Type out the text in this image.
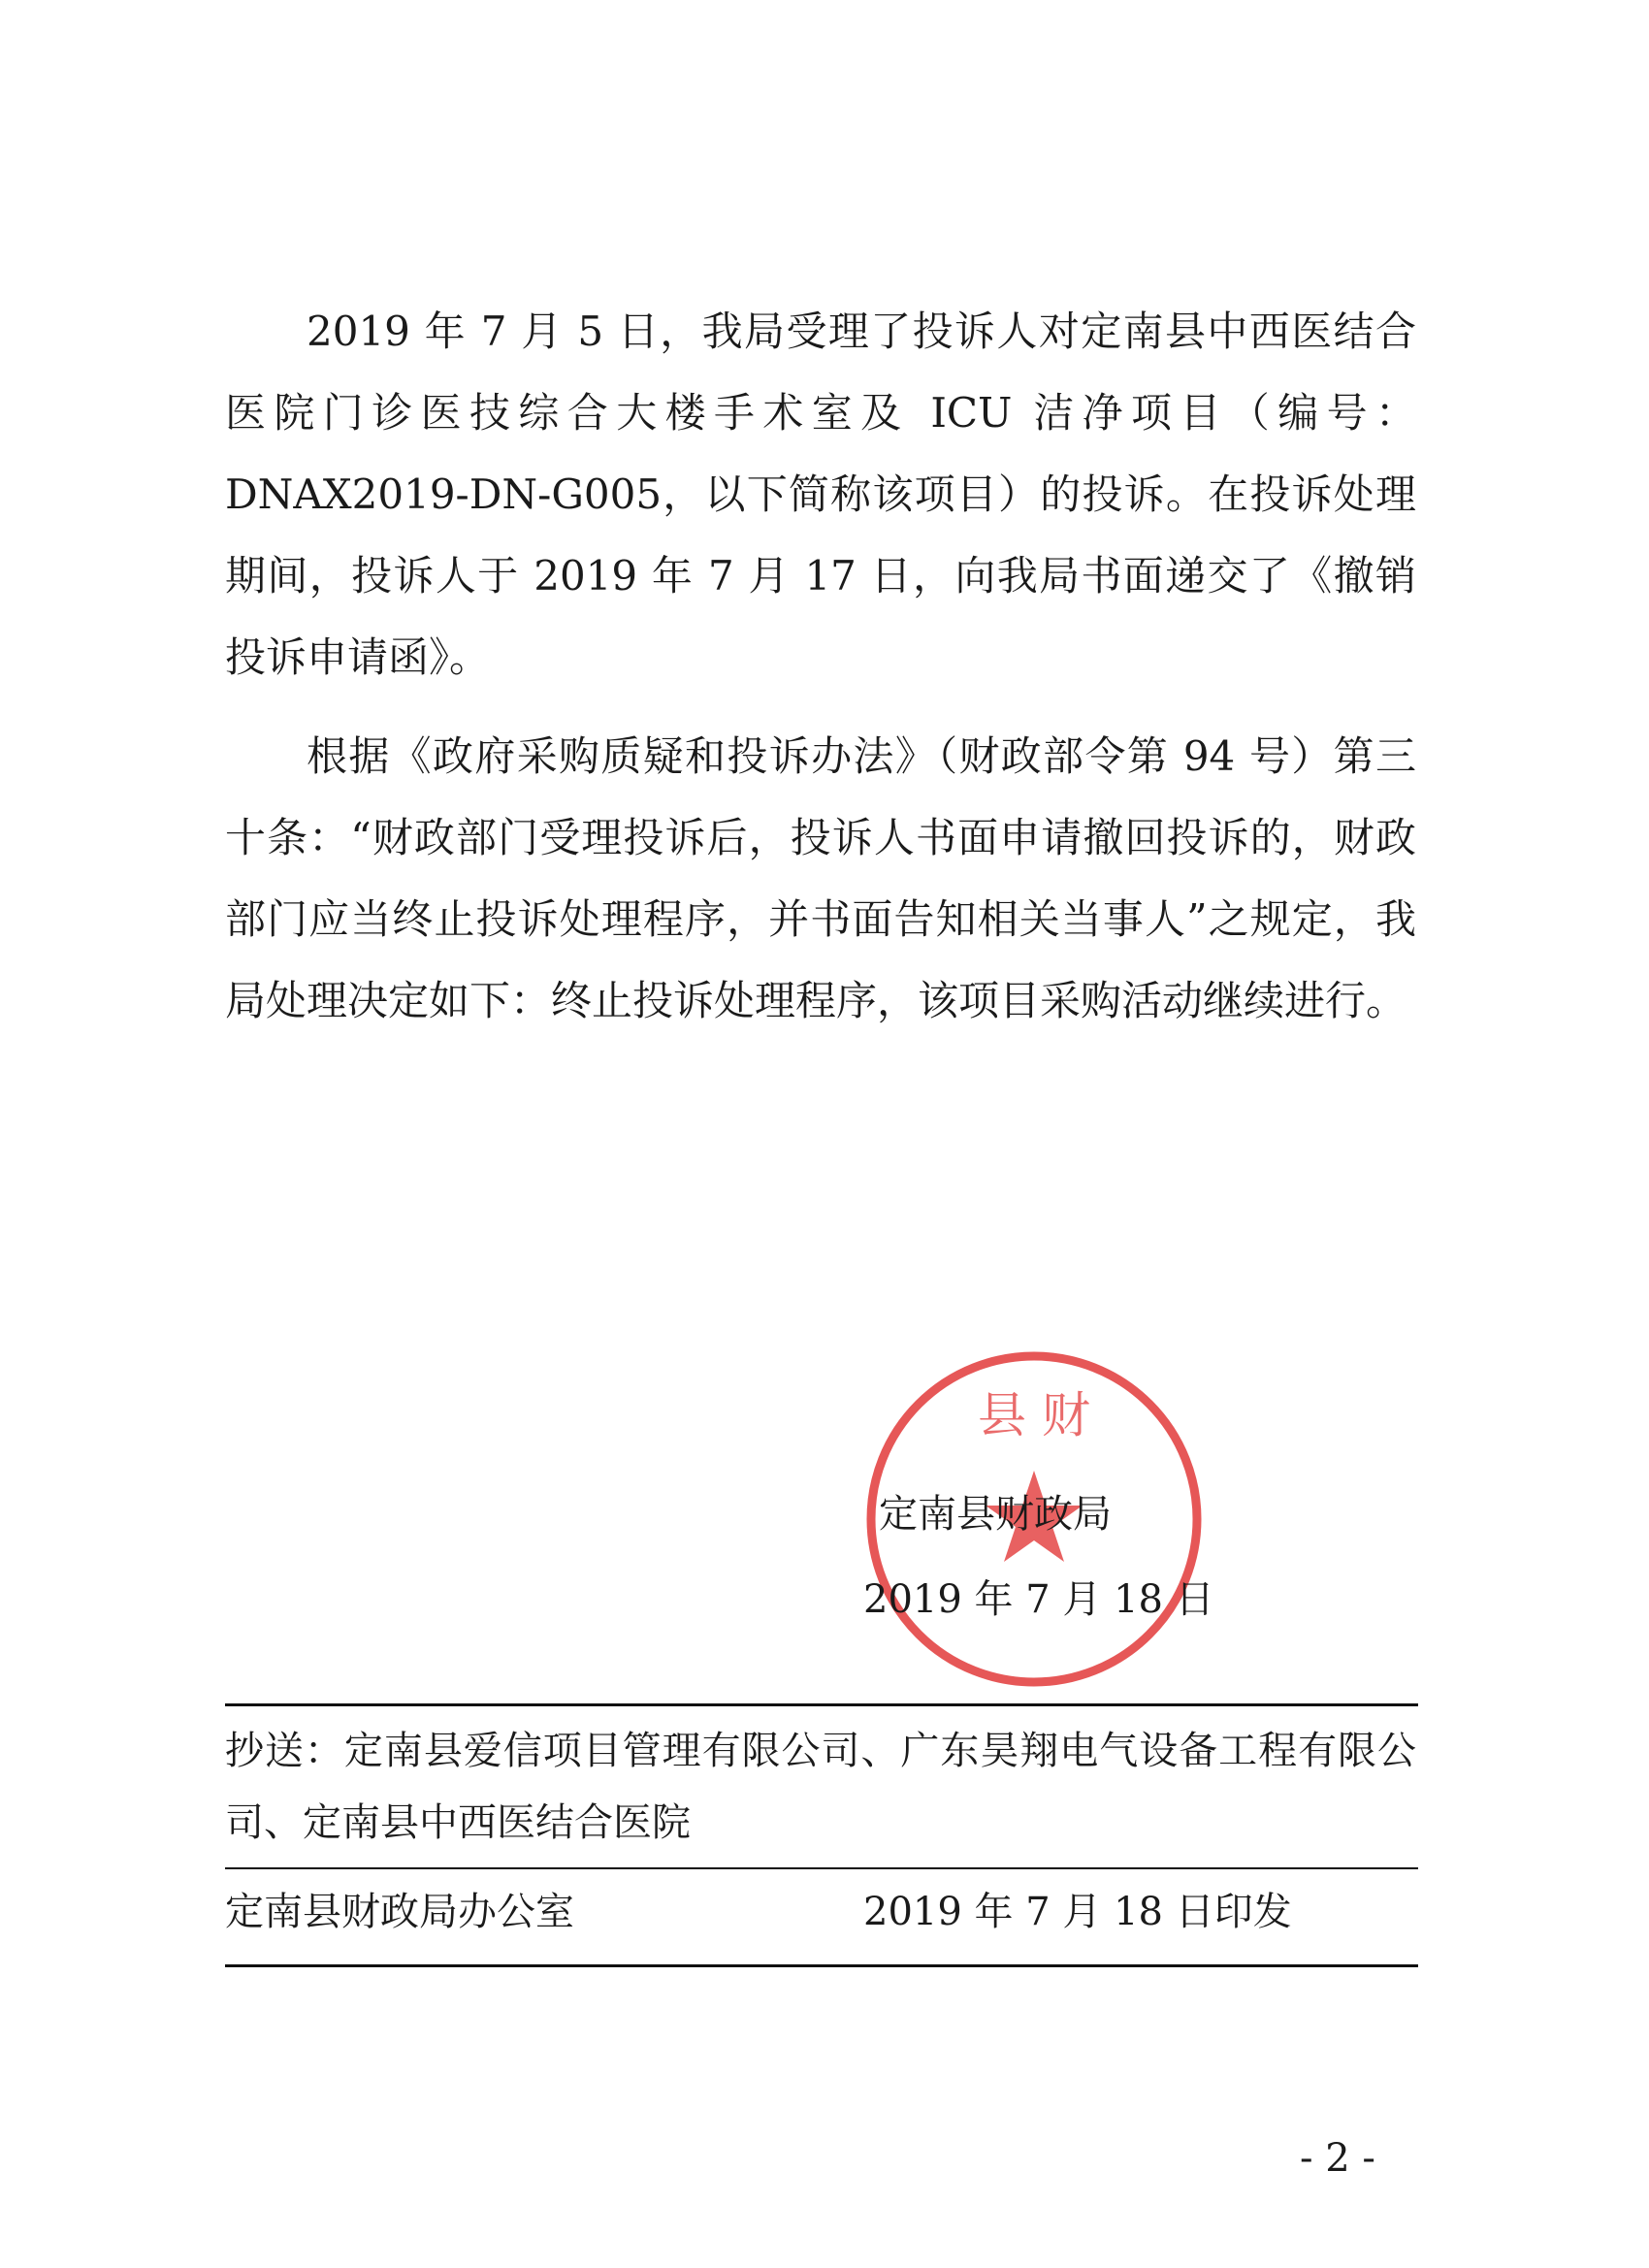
2019 年 7 月 5 日，我局受理了投诉人对定南县中西医结合医院门诊医技综合大楼手术室及 ICU 洁净项目（编号：DNAX2019-DN-G005，以下简称该项目）的投诉。在投诉处理期间，投诉人于 2019 年 7 月 17 日，向我局书面递交了《撤销投诉申请函》。

根据《政府采购质疑和投诉办法》（财政部令第 94 号）第三十条：“财政部门受理投诉后，投诉人书面申请撤回投诉的，财政部门应当终止投诉处理程序，并书面告知相关当事人”之规定，我局处理决定如下：终止投诉处理程序，该项目采购活动继续进行。

县 财
定南县财政局
2019 年 7 月 18 日

抄送：定南县爱信项目管理有限公司、广东昊翔电气设备工程有限公司、定南县中西医结合医院

定南县财政局办公室	2019 年 7 月 18 日印发
- 2 -
